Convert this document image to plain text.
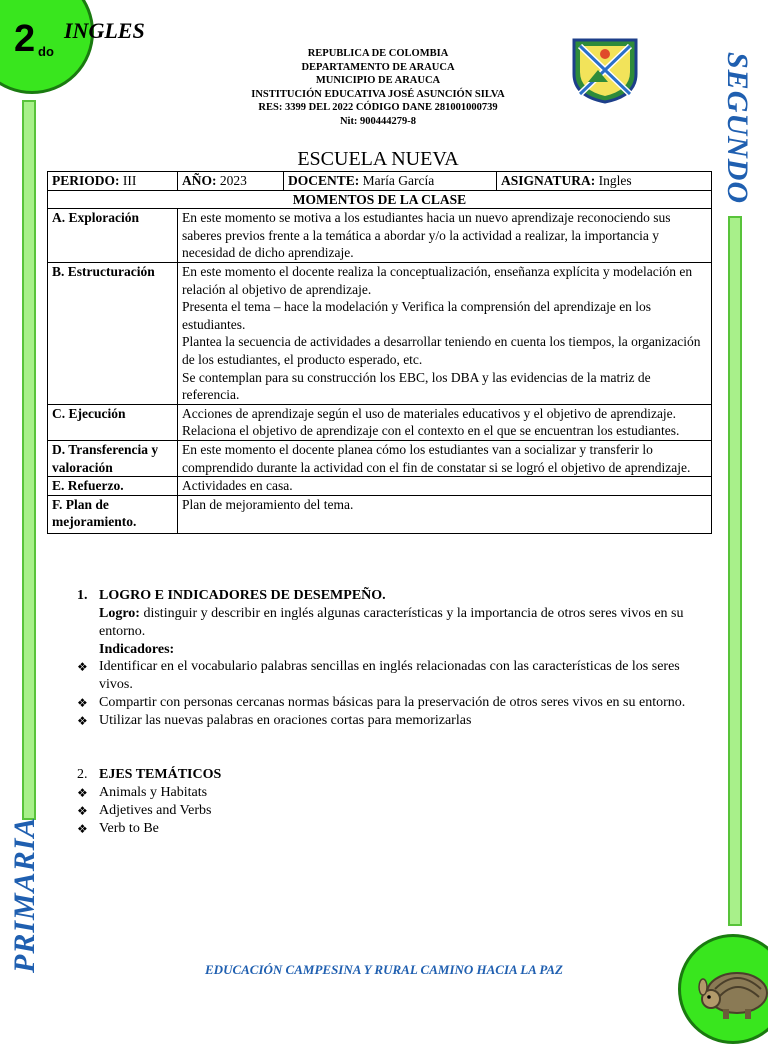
2 do
INGLES
SEGUNDO
PRIMARIA
REPUBLICA DE COLOMBIA
DEPARTAMENTO DE ARAUCA
MUNICIPIO DE ARAUCA
INSTITUCIÓN EDUCATIVA JOSÉ ASUNCIÓN SILVA
RES: 3399 DEL 2022 CÓDIGO DANE 281001000739
Nit: 900444279-8
ESCUELA NUEVA
PERIODO: III	AÑO: 2023	DOCENTE: María García	ASIGNATURA: Ingles
MOMENTOS DE LA CLASE			
A. Exploración	En este momento se motiva a los estudiantes hacia un nuevo aprendizaje reconociendo sus saberes previos frente a la temática a abordar y/o la actividad a realizar, la importancia y necesidad de dicho aprendizaje.		
B. Estructuración	En este momento el docente realiza la conceptualización, enseñanza explícita y modelación en relación al objetivo de aprendizaje.
Presenta el tema – hace la modelación y Verifica la comprensión del aprendizaje en los estudiantes.
Plantea la secuencia de actividades a desarrollar teniendo en cuenta los tiempos, la organización de los estudiantes, el producto esperado, etc.
Se contemplan para su construcción los EBC, los DBA y las evidencias de la matriz de referencia.		

C. Ejecución	Acciones de aprendizaje según el uso de materiales educativos y el objetivo de aprendizaje. Relaciona el objetivo de aprendizaje con el contexto en el que se encuentran los estudiantes.		
D. Transferencia y valoración	En este momento el docente planea cómo los estudiantes van a socializar y transferir lo comprendido durante la actividad con el fin de constatar si se logró el objetivo de aprendizaje.		
E. Refuerzo.	Actividades en casa.		
F. Plan de mejoramiento.	Plan de mejoramiento del tema.		
1. LOGRO E INDICADORES DE DESEMPEÑO.
Logro: distinguir y describir en inglés algunas características y la importancia de otros seres vivos en su entorno.
Indicadores:
❖ Identificar en el vocabulario palabras sencillas en inglés relacionadas con las características de los seres vivos.
❖ Compartir con personas cercanas normas básicas para la preservación de otros seres vivos en su entorno.
❖ Utilizar las nuevas palabras en oraciones cortas para memorizarlas
2. EJES TEMÁTICOS
❖ Animals y Habitats
❖ Adjetives and Verbs
❖ Verb to Be
EDUCACIÓN CAMPESINA Y RURAL CAMINO HACIA LA PAZ
